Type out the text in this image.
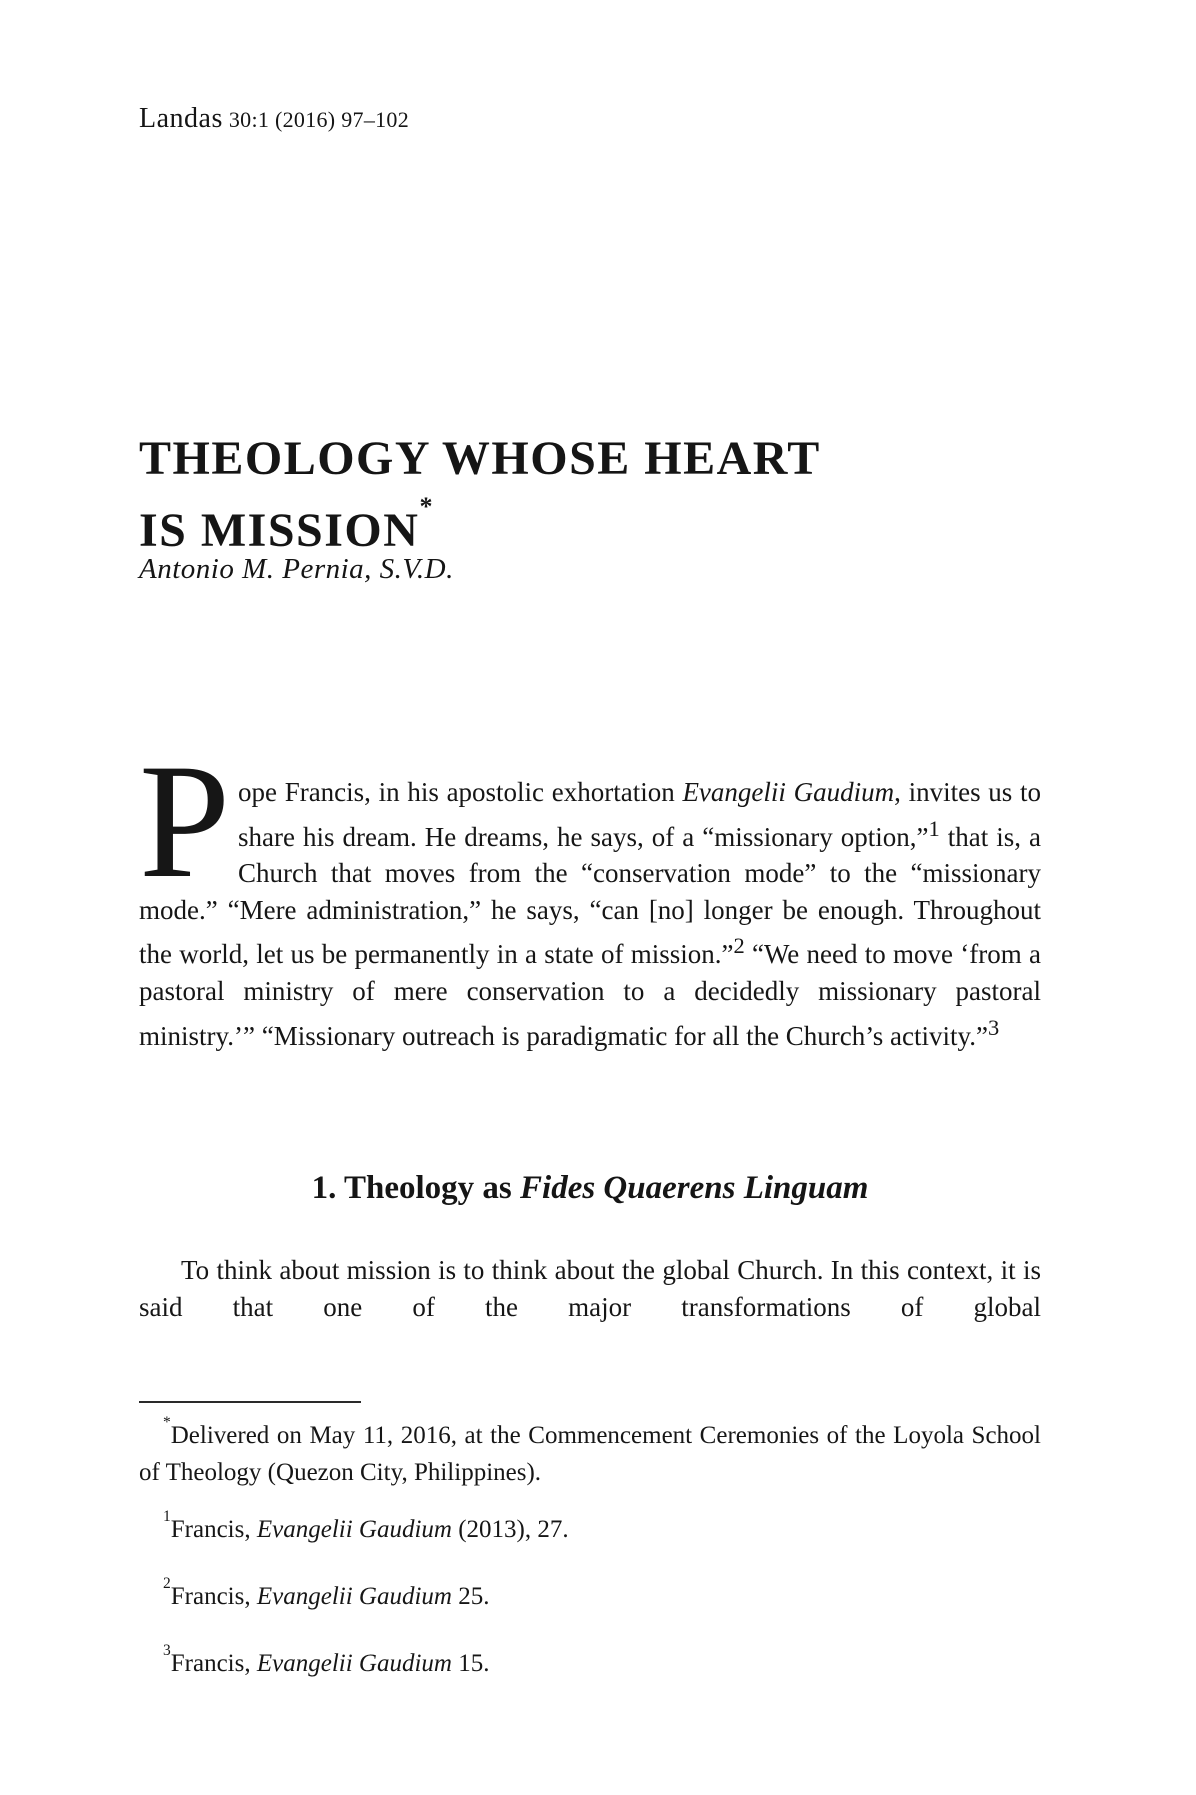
Landas 30:1 (2016) 97–102
THEOLOGY WHOSE HEART
IS MISSION*
Antonio M. Pernia, S.V.D.
Pope Francis, in his apostolic exhortation Evangelii Gaudium, invites us to share his dream. He dreams, he says, of a “missionary option,”$^1$ that is, a Church that moves from the “conservation mode” to the “missionary mode.” “Mere administration,” he says, “can [no] longer be enough. Throughout the world, let us be permanently in a state of mission.”$^2$ “We need to move ‘from a pastoral ministry of mere conservation to a decidedly missionary pastoral ministry.’” “Missionary outreach is paradigmatic for all the Church’s activity.”$^3$
1. Theology as Fides Quaerens Linguam
To think about mission is to think about the global Church. In this context, it is said that one of the major transformations of global
*Delivered on May 11, 2016, at the Commencement Ceremonies of the Loyola School of Theology (Quezon City, Philippines).
$^1$Francis, Evangelii Gaudium (2013), 27.
$^2$Francis, Evangelii Gaudium 25.
$^3$Francis, Evangelii Gaudium 15.
